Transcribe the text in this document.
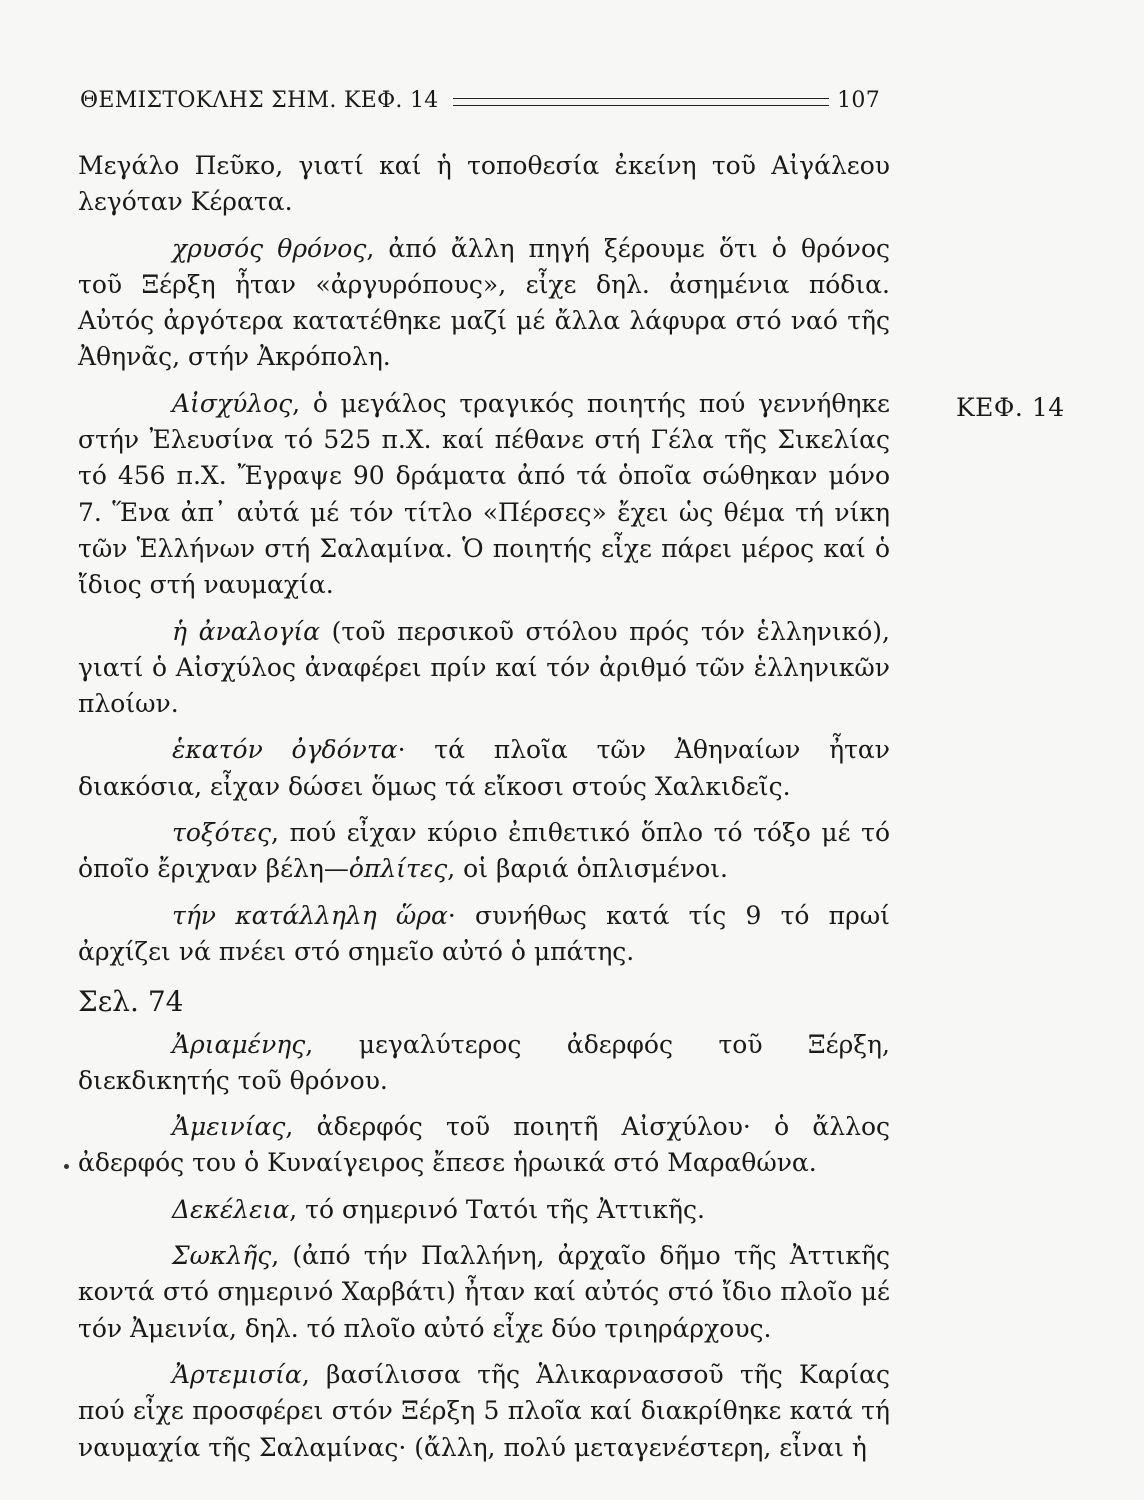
ΘΕΜΙΣΤΟΚΛΗΣ ΣΗΜ. ΚΕΦ. 14	107
ΚΕΦ. 14

Μεγάλο Πεῦκο, γιατί καί ἡ τοποθεσία ἐκείνη τοῦ Αἰγάλεου λεγόταν Κέρατα.

χρυσός θρόνος, ἀπό ἄλλη πηγή ξέρουμε ὅτι ὁ θρόνος τοῦ Ξέρξη ἦταν «ἀργυρόπους», εἶχε δηλ. ἀσημένια πόδια. Αὐτός ἀργότερα κατατέθηκε μαζί μέ ἄλλα λάφυρα στό ναό τῆς Ἀθηνᾶς, στήν Ἀκρόπολη.

Αἰσχύλος, ὁ μεγάλος τραγικός ποιητής πού γεννήθηκε στήν Ἐλευσίνα τό 525 π.Χ. καί πέθανε στή Γέλα τῆς Σικελίας τό 456 π.Χ. Ἔγραψε 90 δράματα ἀπό τά ὁποῖα σώθηκαν μόνο 7. Ἕνα ἀπ᾽ αὐτά μέ τόν τίτλο «Πέρσες» ἔχει ὡς θέμα τή νίκη τῶν Ἑλλήνων στή Σαλαμίνα. Ὁ ποιητής εἶχε πάρει μέρος καί ὁ ἴδιος στή ναυμαχία.

ἡ ἀναλογία (τοῦ περσικοῦ στόλου πρός τόν ἑλληνικό), γιατί ὁ Αἰσχύλος ἀναφέρει πρίν καί τόν ἀριθμό τῶν ἑλληνικῶν πλοίων.

ἑκατόν ὀγδόντα· τά πλοῖα τῶν Ἀθηναίων ἦταν διακόσια, εἶχαν δώσει ὅμως τά εἴκοσι στούς Χαλκιδεῖς.

τοξότες, πού εἶχαν κύριο ἐπιθετικό ὅπλο τό τόξο μέ τό ὁποῖο ἔριχναν βέλη—ὁπλίτες, οἱ βαριά ὁπλισμένοι.

τήν κατάλληλη ὥρα· συνήθως κατά τίς 9 τό πρωί ἀρχίζει νά πνέει στό σημεῖο αὐτό ὁ μπάτης.

Σελ. 74

Ἀριαμένης, μεγαλύτερος ἀδερφός τοῦ Ξέρξη, διεκδικητής τοῦ θρόνου.

Ἀμεινίας, ἀδερφός τοῦ ποιητῆ Αἰσχύλου· ὁ ἄλλος ἀδερφός του ὁ Κυναίγειρος ἔπεσε ἡρωικά στό Μαραθώνα.

Δεκέλεια, τό σημερινό Τατόι τῆς Ἀττικῆς.

Σωκλῆς, (ἀπό τήν Παλλήνη, ἀρχαῖο δῆμο τῆς Ἀττικῆς κοντά στό σημερινό Χαρβάτι) ἦταν καί αὐτός στό ἴδιο πλοῖο μέ τόν Ἀμεινία, δηλ. τό πλοῖο αὐτό εἶχε δύο τριηράρχους.

Ἀρτεμισία, βασίλισσα τῆς Ἁλικαρνασσοῦ τῆς Καρίας πού εἶχε προσφέρει στόν Ξέρξη 5 πλοῖα καί διακρίθηκε κατά τή ναυμαχία τῆς Σαλαμίνας· (ἄλλη, πολύ μεταγενέστερη, εἶναι ἡ
